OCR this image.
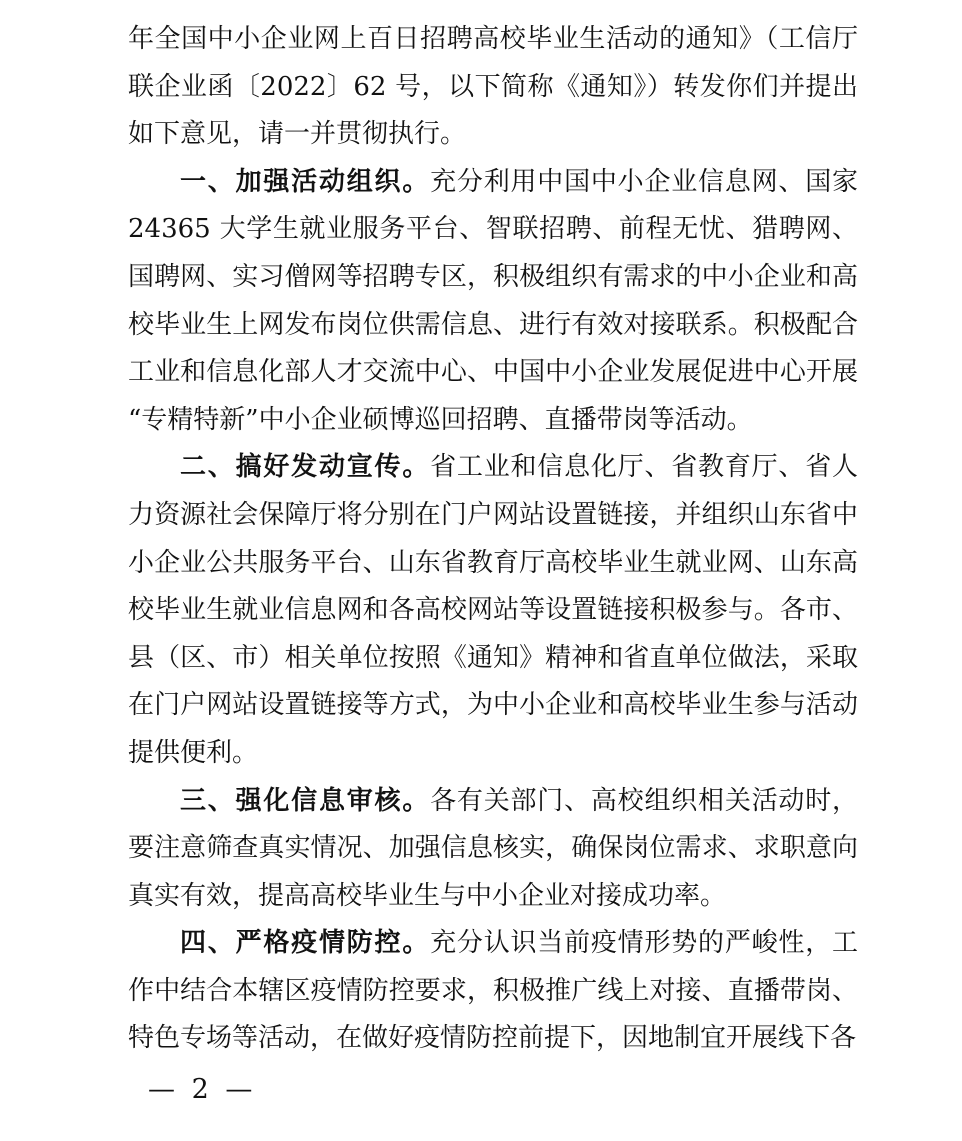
年全国中小企业网上百日招聘高校毕业生活动的通知》（工信厅联企业函〔2022〕62 号，以下简称《通知》）转发你们并提出如下意见，请一并贯彻执行。

一、加强活动组织。充分利用中国中小企业信息网、国家24365 大学生就业服务平台、智联招聘、前程无忧、猎聘网、国聘网、实习僧网等招聘专区，积极组织有需求的中小企业和高校毕业生上网发布岗位供需信息、进行有效对接联系。积极配合工业和信息化部人才交流中心、中国中小企业发展促进中心开展“专精特新”中小企业硕博巡回招聘、直播带岗等活动。

二、搞好发动宣传。省工业和信息化厅、省教育厅、省人力资源社会保障厅将分别在门户网站设置链接，并组织山东省中小企业公共服务平台、山东省教育厅高校毕业生就业网、山东高校毕业生就业信息网和各高校网站等设置链接积极参与。各市、县（区、市）相关单位按照《通知》精神和省直单位做法，采取在门户网站设置链接等方式，为中小企业和高校毕业生参与活动提供便利。

三、强化信息审核。各有关部门、高校组织相关活动时，要注意筛查真实情况、加强信息核实，确保岗位需求、求职意向真实有效，提高高校毕业生与中小企业对接成功率。

四、严格疫情防控。充分认识当前疫情形势的严峻性，工作中结合本辖区疫情防控要求，积极推广线上对接、直播带岗、特色专场等活动，在做好疫情防控前提下，因地制宜开展线下各

— 2 —
